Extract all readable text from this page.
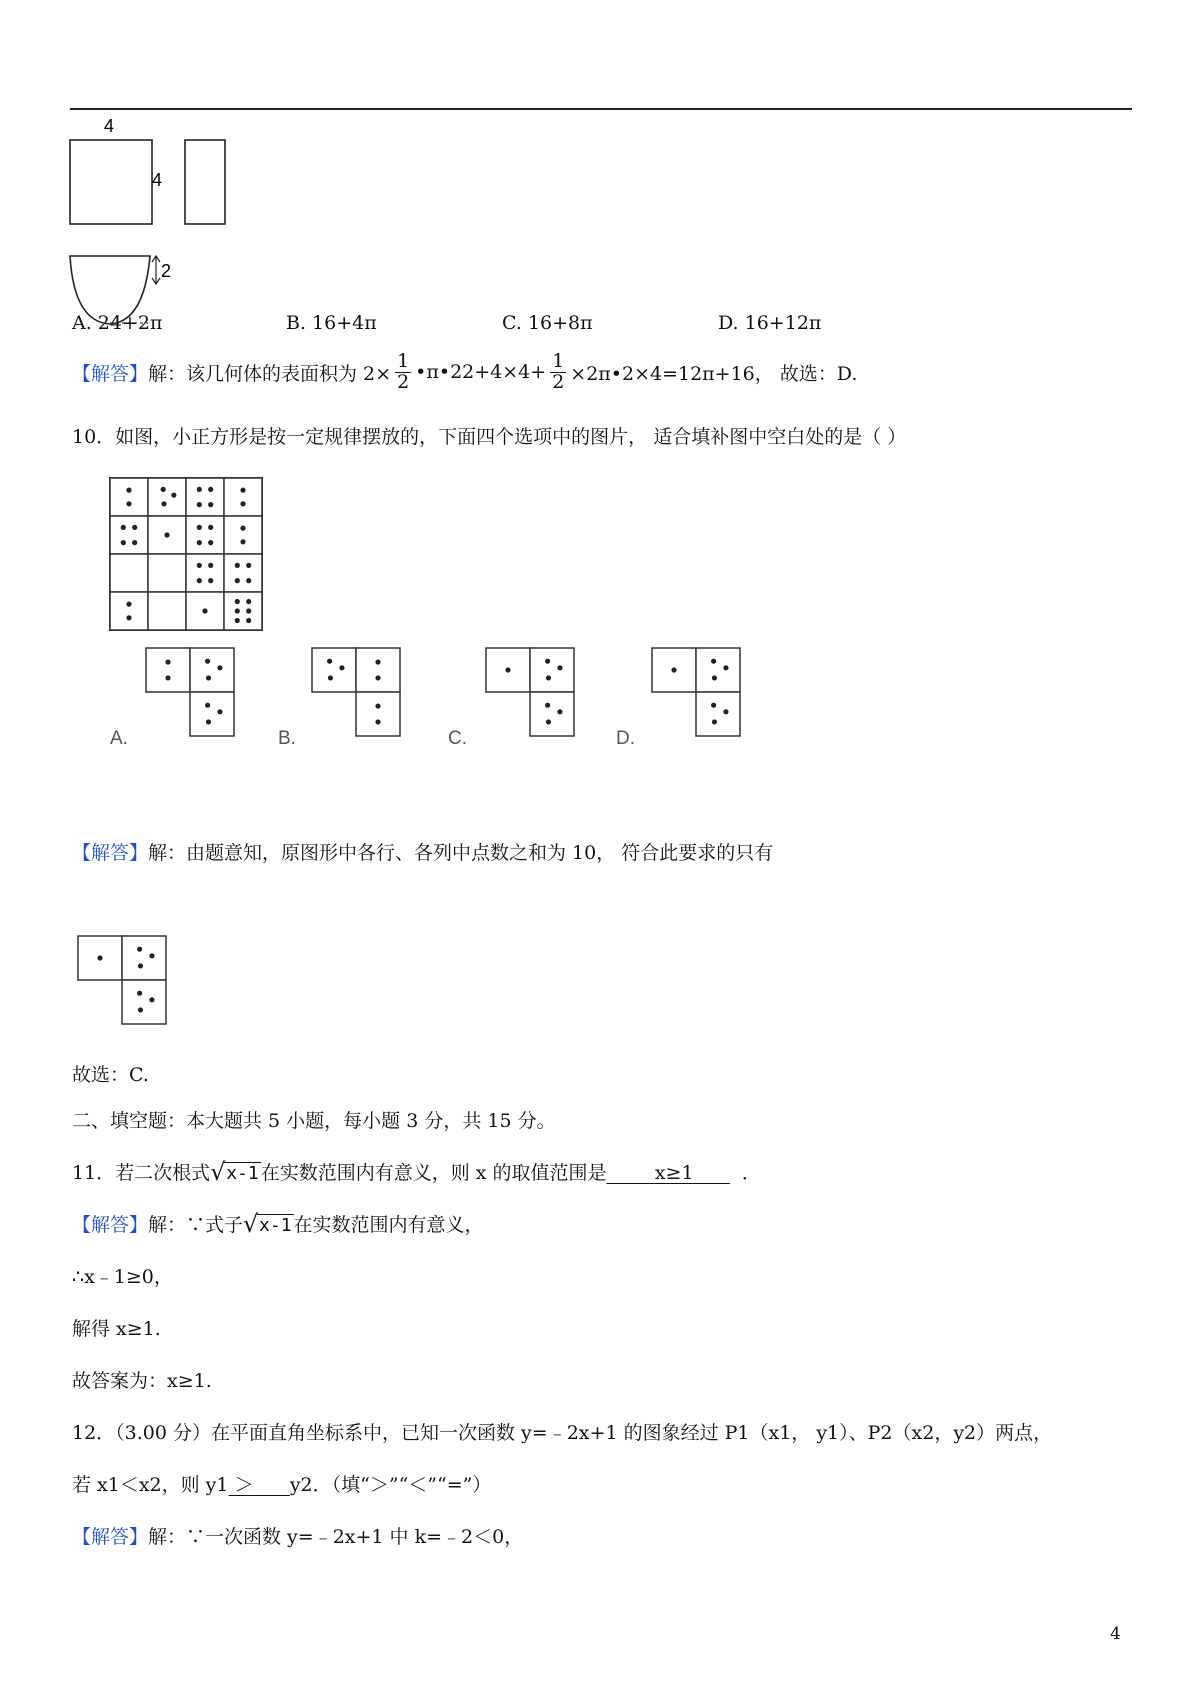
4
4
2
A. 24+2π	B. 16+4π	C. 16+8π	D. 16+12π
【解答】 解：该几何体的表面积为 $2\times \frac{1}{2}$ •π•22+4×4+ $\frac{1}{2}$ ×2π•2×4=12π+16， 故选：D.
10．如图，小正方形是按一定规律摆放的，下面四个选项中的图片， 适合填补图中空白处的是（ ）
A.	B.	C.	D.
【解答】解：由题意知，原图形中各行、各列中点数之和为 10， 符合此要求的只有
故选：C.
二、填空题：本大题共 5 小题，每小题 3 分，共 15 分。
11．若二次根式 √ x-1 在实数范围内有意义，则 x 的取值范围是	x≥1	．
【解答】解：∵式子 √ x-1 在实数范围内有意义，
∴x﹣1≥0，
解得 x≥1.
故答案为：x≥1.
12．（3.00 分）在平面直角坐标系中，已知一次函数 y=﹣2x+1 的图象经过 P1（x1， y1）、P2（x2，y2）两点，
若 x1＜x2，则 y1 ＞ y2．（填“＞”“＜”“=”）
【解答】解：∵一次函数 y=﹣2x+1 中 k=﹣2＜0，
4
